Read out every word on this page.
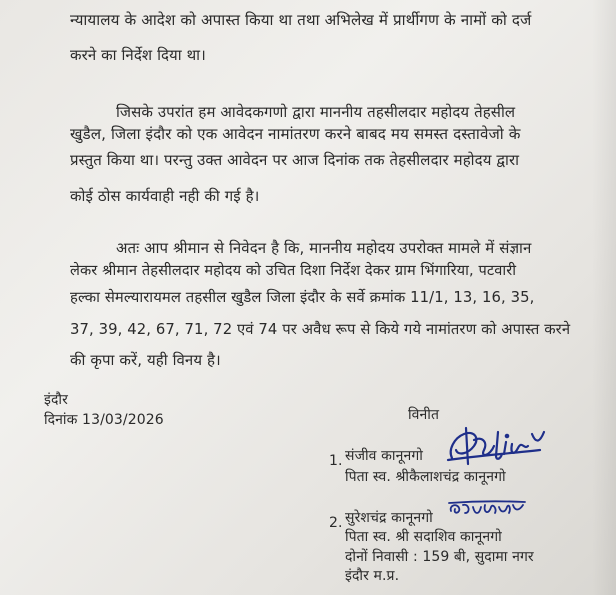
न्यायालय के आदेश को अपास्त किया था तथा अभिलेख में प्रार्थीगण के नामों को दर्ज
करने का निर्देश दिया था।
जिसके उपरांत हम आवेदकगणो द्वारा माननीय तहसीलदार महोदय तेहसील
खुडैल, जिला इंदौर को एक आवेदन नामांतरण करने बाबद मय समस्त दस्तावेजो के
प्रस्तुत किया था। परन्तु उक्त आवेदन पर आज दिनांक तक तेहसीलदार महोदय द्वारा
कोई ठोस कार्यवाही नही की गई है।
अतः आप श्रीमान से निवेदन है कि, माननीय महोदय उपरोक्त मामले में संज्ञान
लेकर श्रीमान तेहसीलदार महोदय को उचित दिशा निर्देश देकर ग्राम भिंगारिया, पटवारी
हल्का सेमल्यारायमल तहसील खुडैल जिला इंदौर के सर्वे क्रमांक 11/1, 13, 16, 35,
37, 39, 42, 67, 71, 72 एवं 74 पर अवैध रूप से किये गये नामांतरण को अपास्त करने
की कृपा करें, यही विनय है।
इंदौर
दिनांक 13/03/2026	विनीत
1. संजीव कानूनगो
पिता स्व. श्रीकैलाशचंद्र कानूनगो
2. सुरेशचंद्र कानूनगो
पिता स्व. श्री सदाशिव कानूनगो
दोनों निवासी : 159 बी, सुदामा नगर
इंदौर म.प्र.
